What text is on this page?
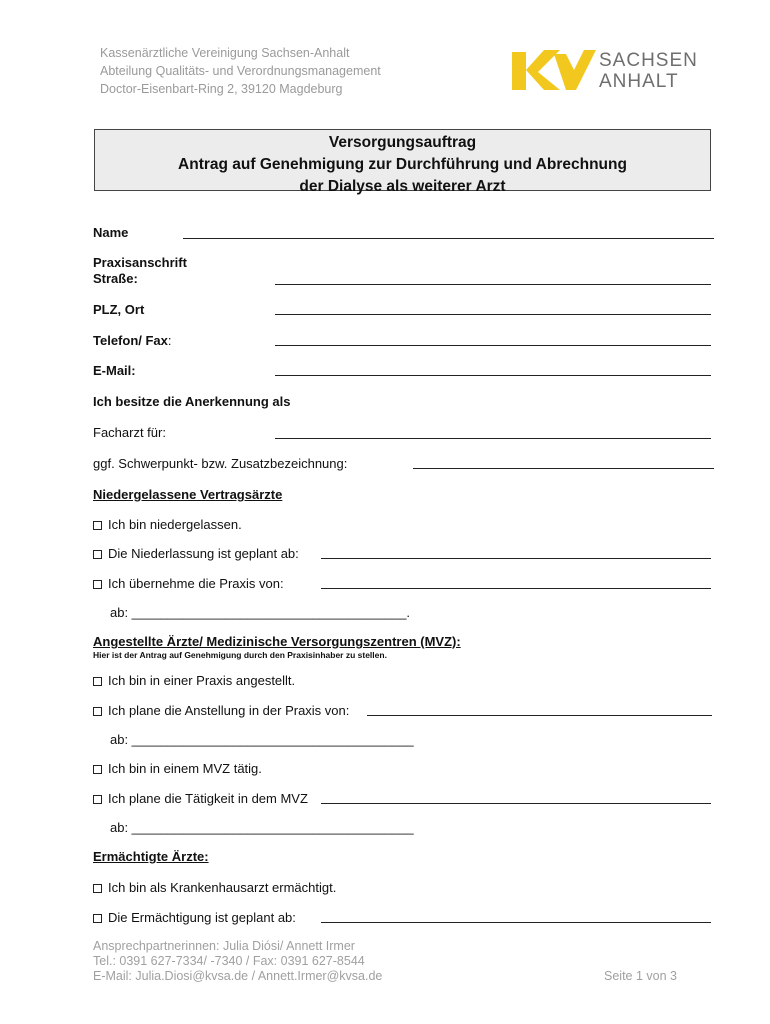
Kassenärztliche Vereinigung Sachsen-Anhalt
Abteilung Qualitäts- und Verordnungsmanagement
Doctor-Eisenbart-Ring 2, 39120 Magdeburg
SACHSEN
ANHALT
Versorgungsauftrag
Antrag auf Genehmigung zur Durchführung und Abrechnung
der Dialyse als weiterer Arzt
Name
Praxisanschrift
Straße:
PLZ, Ort
Telefon/ Fax:
E-Mail:
Ich besitze die Anerkennung als
Facharzt für:
ggf. Schwerpunkt- bzw. Zusatzbezeichnung:
Niedergelassene Vertragsärzte
Ich bin niedergelassen.
Die Niederlassung ist geplant ab:
Ich übernehme die Praxis von:
ab: ______________________________________.
Angestellte Ärzte/ Medizinische Versorgungszentren (MVZ):
Hier ist der Antrag auf Genehmigung durch den Praxisinhaber zu stellen.
Ich bin in einer Praxis angestellt.
Ich plane die Anstellung in der Praxis von:
ab: _______________________________________
Ich bin in einem MVZ tätig.
Ich plane die Tätigkeit in dem MVZ
ab: _______________________________________
Ermächtigte Ärzte:
Ich bin als Krankenhausarzt ermächtigt.
Die Ermächtigung ist geplant ab:
Ansprechpartnerinnen: Julia Diósi/ Annett Irmer
Tel.: 0391 627-7334/ -7340 / Fax: 0391 627-8544
E-Mail: Julia.Diosi@kvsa.de / Annett.Irmer@kvsa.de	Seite 1 von 3
